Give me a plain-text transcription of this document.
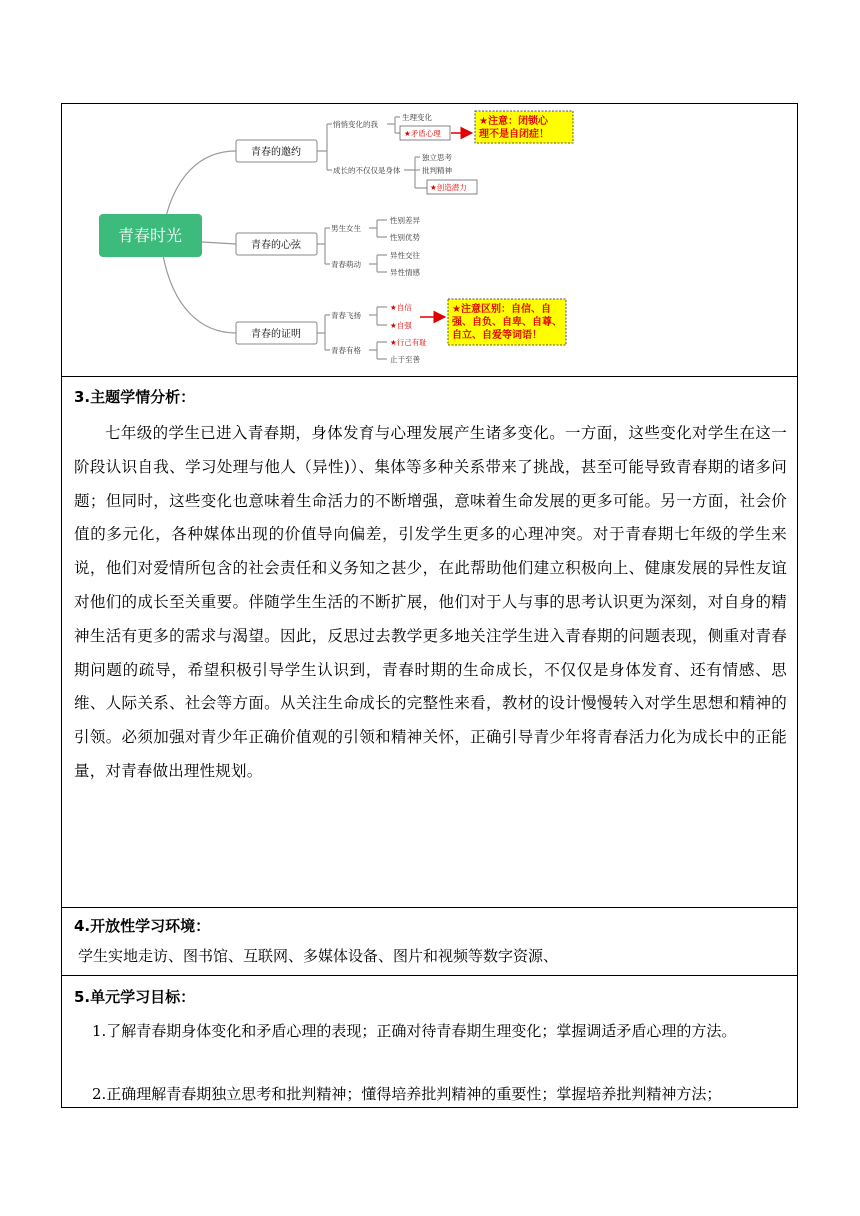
青春时光
青春的邀约
青春的心弦
青春的证明
悄悄变化的我
成长的不仅仅是身体
男生女生
青春萌动
青春飞扬
青春有格
生理变化
★矛盾心理
独立思考
批判精神
★创造潜力
性别差异
性别优势
异性交往
异性情感
★自信
★自强
★行己有耻
止于至善
★注意：闭锁心
理不是自闭症！
★注意区别：自信、自
强、自负、自卑、自尊、
自立、自爱等词语！
3.主题学情分析：
七年级的学生已进入青春期，身体发育与心理发展产生诸多变化。一方面，这些变化对学生在这一阶段认识自我、学习处理与他人（异性)）、集体等多种关系带来了挑战，甚至可能导致青春期的诸多问题；但同时，这些变化也意味着生命活力的不断增强，意味着生命发展的更多可能。另一方面，社会价值的多元化，各种媒体出现的价值导向偏差，引发学生更多的心理冲突。对于青春期七年级的学生来说，他们对爱情所包含的社会责任和义务知之甚少，在此帮助他们建立积极向上、健康发展的异性友谊对他们的成长至关重要。伴随学生生活的不断扩展，他们对于人与事的思考认识更为深刻，对自身的精神生活有更多的需求与渴望。因此，反思过去教学更多地关注学生进入青春期的问题表现，侧重对青春期问题的疏导，希望积极引导学生认识到，青春时期的生命成长，不仅仅是身体发育、还有情感、思维、人际关系、社会等方面。从关注生命成长的完整性来看，教材的设计慢慢转入对学生思想和精神的引领。必须加强对青少年正确价值观的引领和精神关怀，正确引导青少年将青春活力化为成长中的正能量，对青春做出理性规划。
4.开放性学习环境：
学生实地走访、图书馆、互联网、多媒体设备、图片和视频等数字资源、
5.单元学习目标：
1.了解青春期身体变化和矛盾心理的表现；正确对待青春期生理变化；掌握调适矛盾心理的方法。
2.正确理解青春期独立思考和批判精神；懂得培养批判精神的重要性；掌握培养批判精神方法；
